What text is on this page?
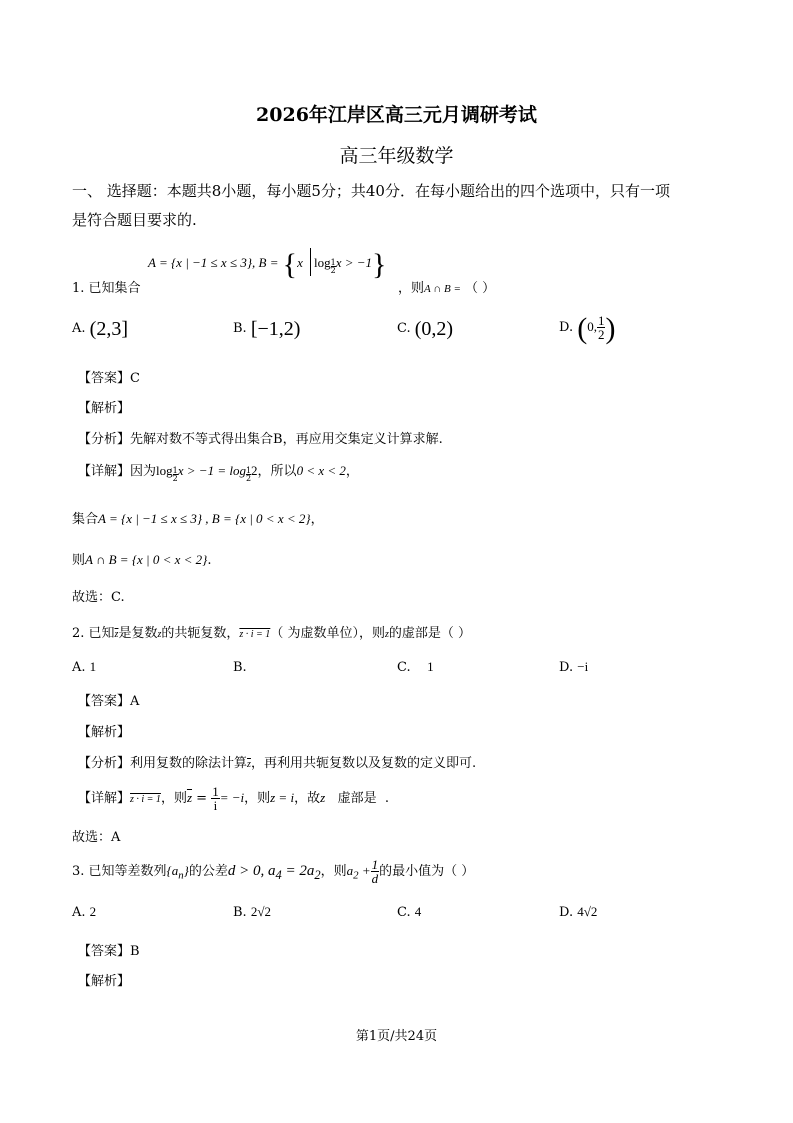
2026年江岸区高三元月调研考试
高三年级数学
一、 选择题：本题共8小题，每小题5分；共40分．在每小题给出的四个选项中，只有一项
是符合题目要求的.
A = {x | −1 ≤ x ≤ 3}, B = {x $\log \frac{1}{2}x > -1$}
1. 已知集合	，则A ∩ B = （ ）
A. (2,3]	B. [−1,2)	C. (0,2)	D. (0, $\frac{1}{2}$ )
【答案】C
【解析】
【分析】先解对数不等式得出集合B，再应用交集定义计算求解.
【详解】因为$\log \frac{1}{2}x > -1 = \log \frac{1}{2}2$，所以0 < x < 2，
集合A = {x | −1 ≤ x ≤ 3} , B = {x | 0 < x < 2}，
则A ∩ B = {x | 0 < x < 2}.
故选：C.
2. 已知$\overline{z}$是复数z的共轭复数，z · i = 1（ 为虚数单位），则z的虚部是（ ）
A. 1	B.	C. 1	D. −i
【答案】A
【解析】
【分析】利用复数的除法计算$\overline{z}$，再利用共轭复数以及复数的定义即可.
【详解】z · i = 1，则$\overline{z} = \frac{1}{i} = -i$，则z = i，故z 虚部是 .
故选：A
3. 已知等差数列$\{a_n\}$的公差d > 0, $a_4 = 2a_2$，则$a_2 + \frac{1}{d}$ 的最小值为（ ）
A. 2	B. 2√2	C. 4	D. 4√2
【答案】B
【解析】
第1页/共24页
